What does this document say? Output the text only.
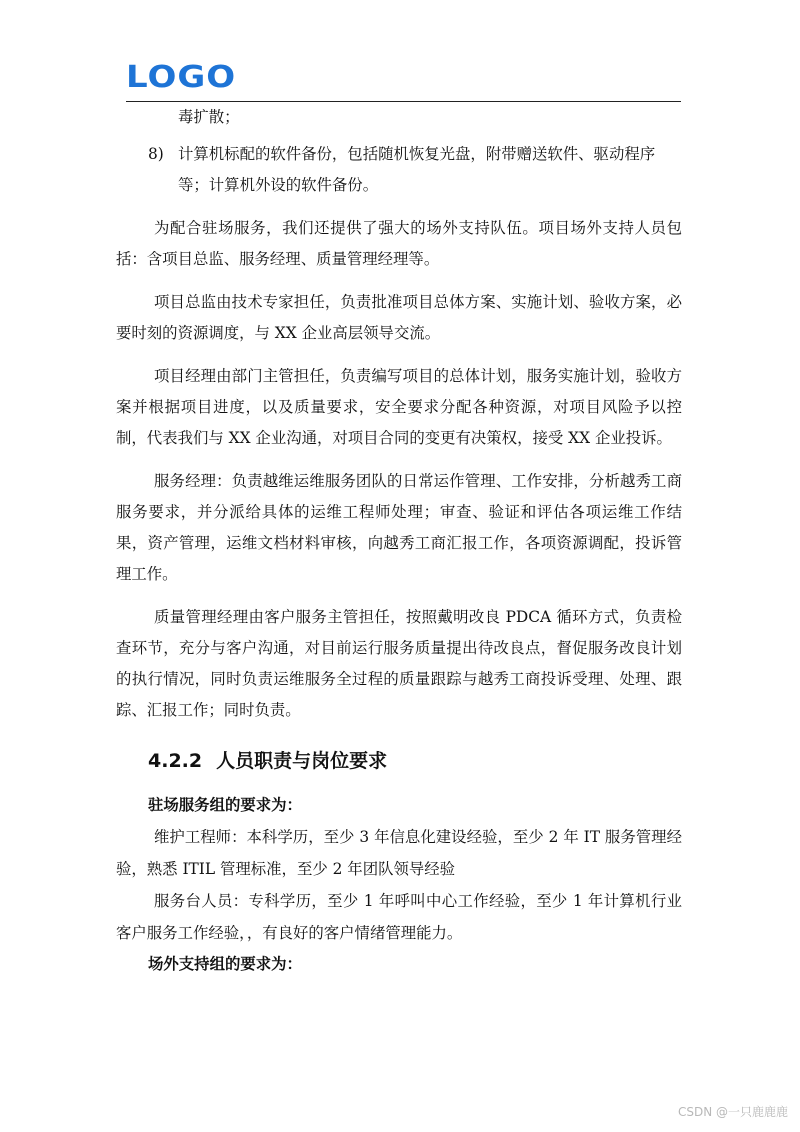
LOGO

毒扩散；

8) 计算机标配的软件备份，包括随机恢复光盘，附带赠送软件、驱动程序等；计算机外设的软件备份。

为配合驻场服务，我们还提供了强大的场外支持队伍。项目场外支持人员包括：含项目总监、服务经理、质量管理经理等。

项目总监由技术专家担任，负责批准项目总体方案、实施计划、验收方案，必要时刻的资源调度，与 XX 企业高层领导交流。

项目经理由部门主管担任，负责编写项目的总体计划，服务实施计划，验收方案并根据项目进度，以及质量要求，安全要求分配各种资源，对项目风险予以控制，代表我们与 XX 企业沟通，对项目合同的变更有决策权，接受 XX 企业投诉。

服务经理：负责越维运维服务团队的日常运作管理、工作安排，分析越秀工商服务要求，并分派给具体的运维工程师处理；审查、验证和评估各项运维工作结果，资产管理，运维文档材料审核，向越秀工商汇报工作，各项资源调配，投诉管理工作。

质量管理经理由客户服务主管担任，按照戴明改良 PDCA 循环方式，负责检查环节，充分与客户沟通，对目前运行服务质量提出待改良点，督促服务改良计划的执行情况，同时负责运维服务全过程的质量跟踪与越秀工商投诉受理、处理、跟踪、汇报工作；同时负责。

4.2.2 人员职责与岗位要求

驻场服务组的要求为：

维护工程师：本科学历，至少 3 年信息化建设经验，至少 2 年 IT 服务管理经验，熟悉 ITIL 管理标准，至少 2 年团队领导经验

服务台人员：专科学历，至少 1 年呼叫中心工作经验，至少 1 年计算机行业客户服务工作经验，，有良好的客户情绪管理能力。

场外支持组的要求为：

CSDN @一只鹿鹿鹿
